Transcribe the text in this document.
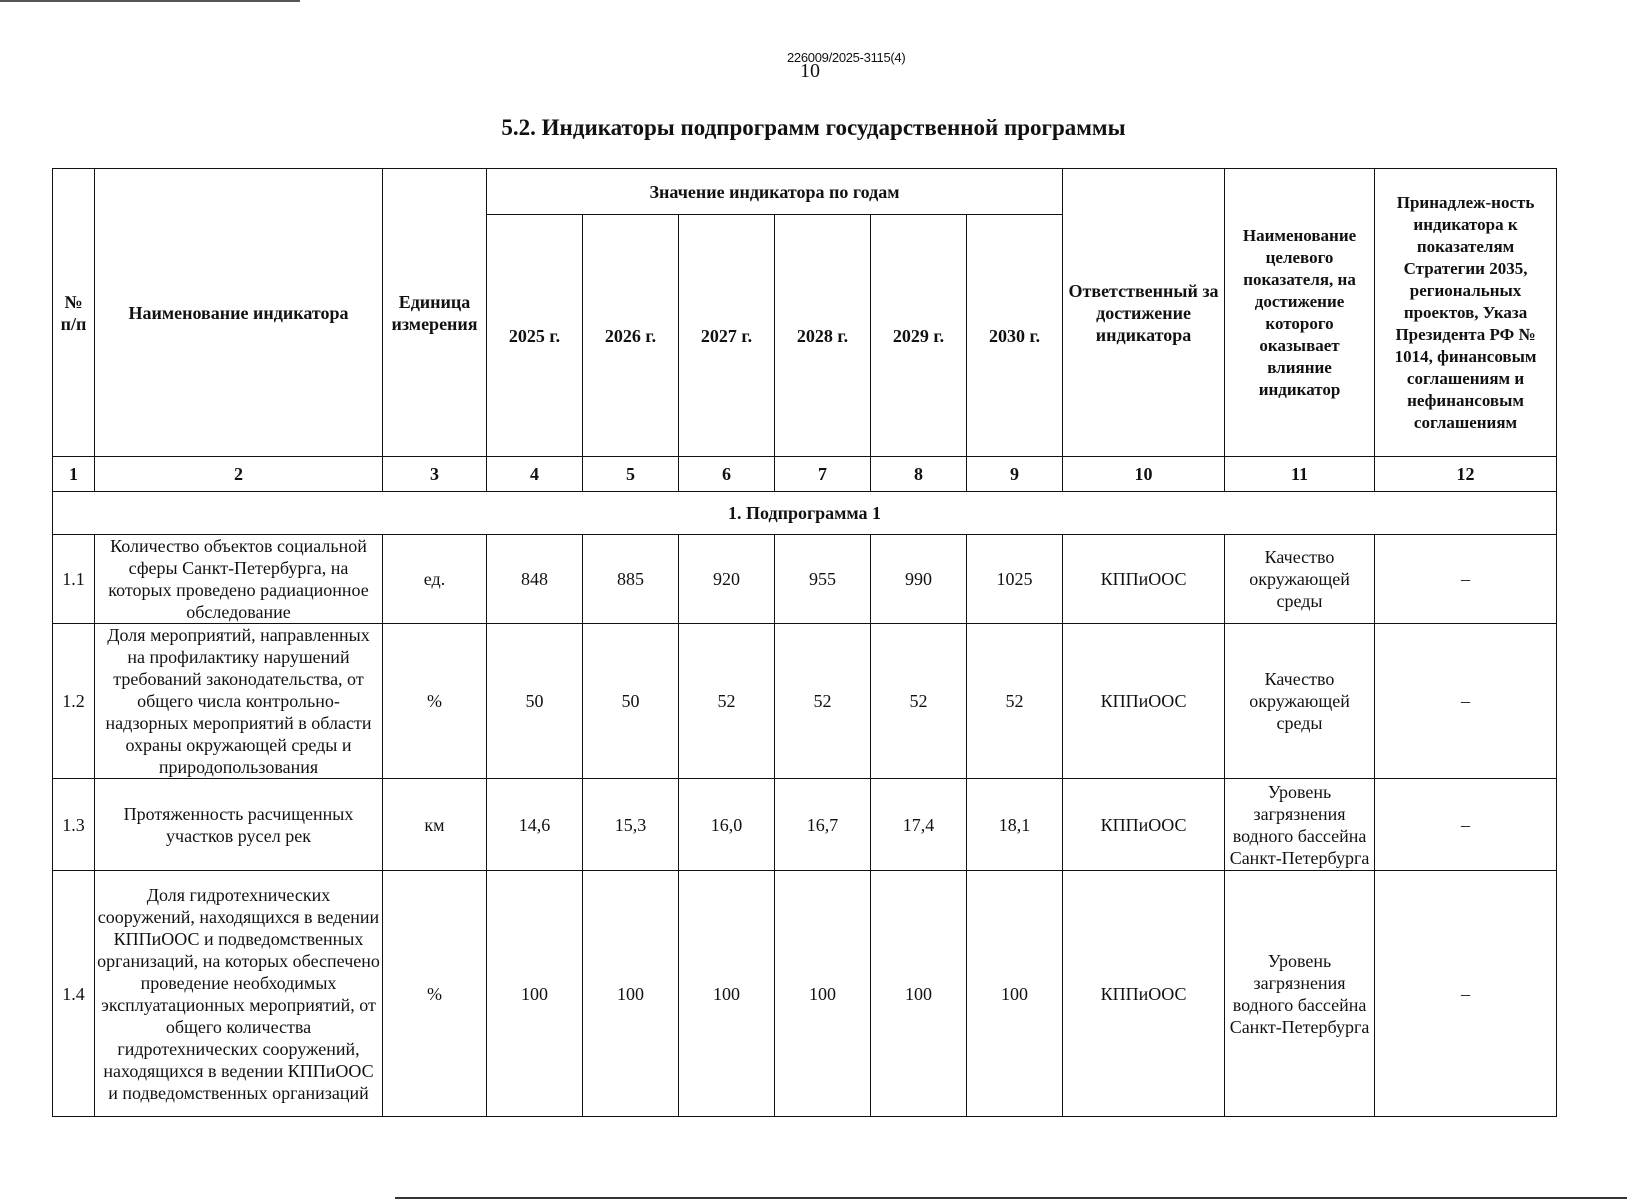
226009/2025-3115(4)
10
5.2. Индикаторы подпрограмм государственной программы
№ п/п	Наименование индикатора	Единица измерения	Значение индикатора по годам						Ответственный за достижение индикатора	Наименование целевого показателя, на достижение которого оказывает влияние индикатор	Принадлеж-ность индикатора к показателям Стратегии 2035, региональных проектов, Указа Президента РФ № 1014, финансовым соглашениям и нефинансовым соглашениям
			2025 г.	2026 г.	2027 г.	2028 г.	2029 г.	2030 г.			
1	2	3	4	5	6	7	8	9	10	11	12
1. Подпрограмма 1											
1.1	Количество объектов социальной сферы Санкт-Петербурга, на которых проведено радиационное обследование	ед.	848	885	920	955	990	1025	КППиООС	Качество окружающей среды	–
1.2	Доля мероприятий, направленных на профилактику нарушений требований законодательства, от общего числа контрольно-надзорных мероприятий в области охраны окружающей среды и природопользования	%	50	50	52	52	52	52	КППиООС	Качество окружающей среды	–
1.3	Протяженность расчищенных участков русел рек	км	14,6	15,3	16,0	16,7	17,4	18,1	КППиООС	Уровень загрязнения водного бассейна Санкт-Петербурга	–
1.4	Доля гидротехнических сооружений, находящихся в ведении КППиООС и подведомственных организаций, на которых обеспечено проведение необходимых эксплуатационных мероприятий, от общего количества гидротехнических сооружений, находящихся в ведении КППиООС и подведомственных организаций	%	100	100	100	100	100	100	КППиООС	Уровень загрязнения водного бассейна Санкт-Петербурга	–
